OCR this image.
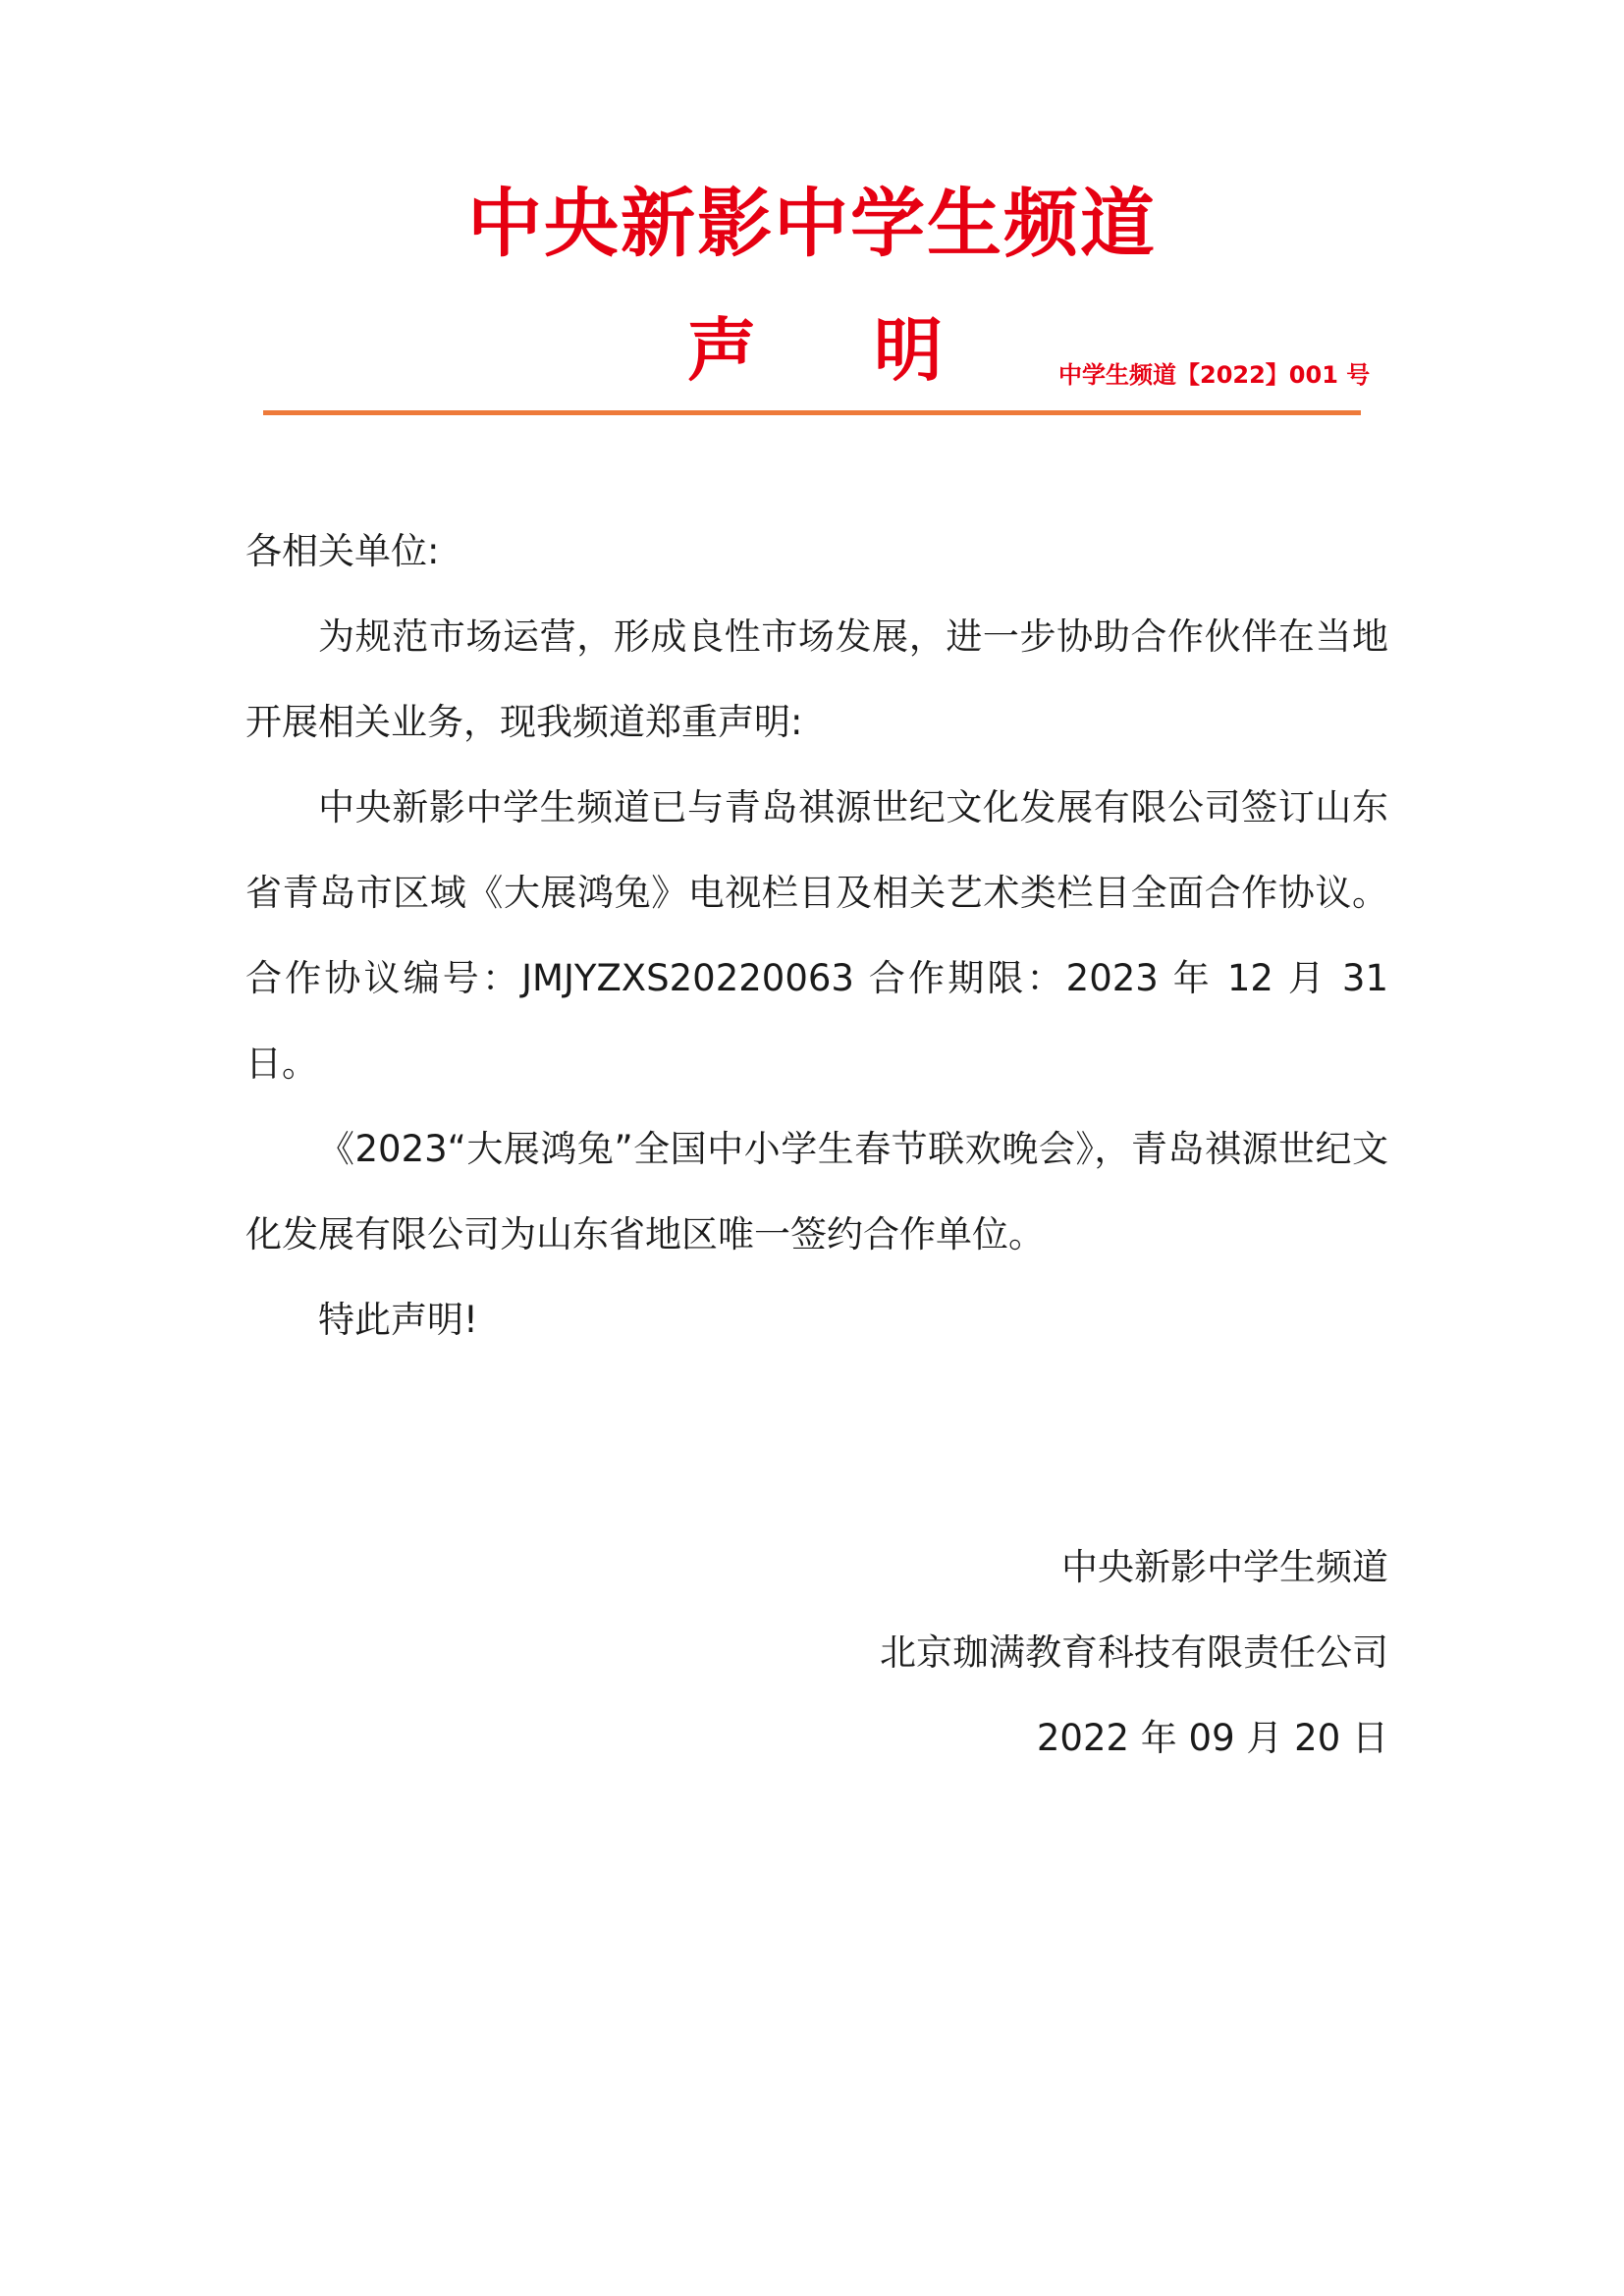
中央新影中学生频道
声 明	中学生频道【2022】001 号

各相关单位:

为规范市场运营，形成良性市场发展，进一步协助合作伙伴在当地开展相关业务，现我频道郑重声明:

中央新影中学生频道已与青岛祺源世纪文化发展有限公司签订山东省青岛市区域《大展鸿兔》电视栏目及相关艺术类栏目全面合作协议。合作协议编号：JMJYZXS20220063 合作期限：2023 年 12 月 31 日。

《2023“大展鸿兔”全国中小学生春节联欢晚会》，青岛祺源世纪文化发展有限公司为山东省地区唯一签约合作单位。

特此声明!

中央新影中学生频道
北京珈满教育科技有限责任公司
2022 年 09 月 20 日
